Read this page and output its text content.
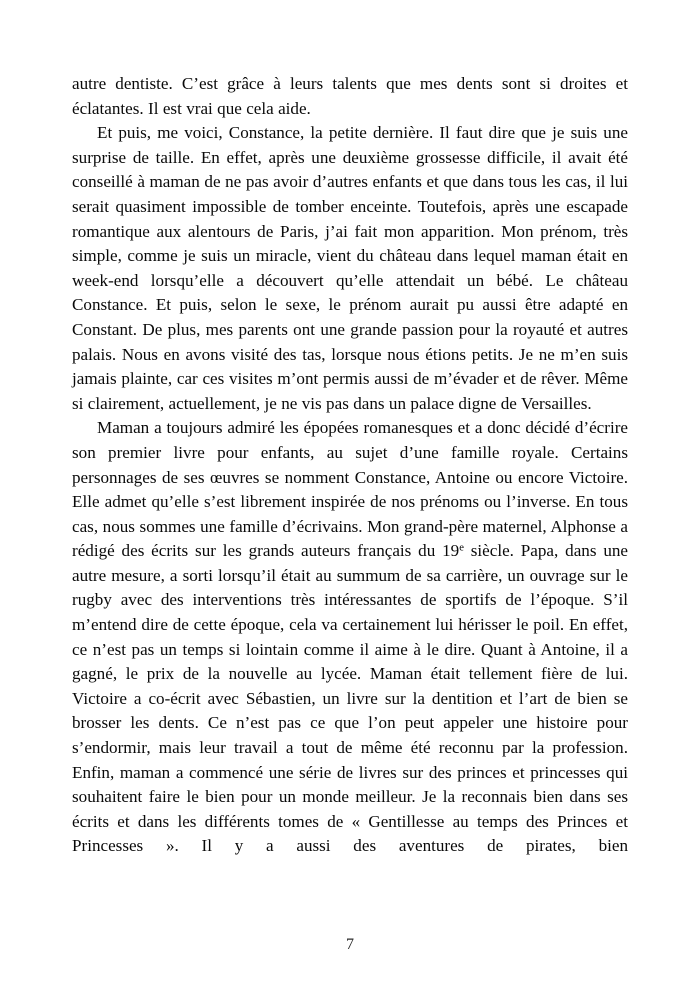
autre dentiste. C’est grâce à leurs talents que mes dents sont si droites et éclatantes. Il est vrai que cela aide.

Et puis, me voici, Constance, la petite dernière. Il faut dire que je suis une surprise de taille. En effet, après une deuxième grossesse difficile, il avait été conseillé à maman de ne pas avoir d’autres enfants et que dans tous les cas, il lui serait quasiment impossible de tomber enceinte. Toutefois, après une escapade romantique aux alentours de Paris, j’ai fait mon apparition. Mon prénom, très simple, comme je suis un miracle, vient du château dans lequel maman était en week-end lorsqu’elle a découvert qu’elle attendait un bébé. Le château Constance. Et puis, selon le sexe, le prénom aurait pu aussi être adapté en Constant. De plus, mes parents ont une grande passion pour la royauté et autres palais. Nous en avons visité des tas, lorsque nous étions petits. Je ne m’en suis jamais plainte, car ces visites m’ont permis aussi de m’évader et de rêver. Même si clairement, actuellement, je ne vis pas dans un palace digne de Versailles.

Maman a toujours admiré les épopées romanesques et a donc décidé d’écrire son premier livre pour enfants, au sujet d’une famille royale. Certains personnages de ses œuvres se nomment Constance, Antoine ou encore Victoire. Elle admet qu’elle s’est librement inspirée de nos prénoms ou l’inverse. En tous cas, nous sommes une famille d’écrivains. Mon grand-père maternel, Alphonse a rédigé des écrits sur les grands auteurs français du 19e siècle. Papa, dans une autre mesure, a sorti lorsqu’il était au summum de sa carrière, un ouvrage sur le rugby avec des interventions très intéressantes de sportifs de l’époque. S’il m’entend dire de cette époque, cela va certainement lui hérisser le poil. En effet, ce n’est pas un temps si lointain comme il aime à le dire. Quant à Antoine, il a gagné, le prix de la nouvelle au lycée. Maman était tellement fière de lui. Victoire a co-écrit avec Sébastien, un livre sur la dentition et l’art de bien se brosser les dents. Ce n’est pas ce que l’on peut appeler une histoire pour s’endormir, mais leur travail a tout de même été reconnu par la profession. Enfin, maman a commencé une série de livres sur des princes et princesses qui souhaitent faire le bien pour un monde meilleur. Je la reconnais bien dans ses écrits et dans les différents tomes de « Gentillesse au temps des Princes et Princesses ». Il y a aussi des aventures de pirates, bien

7
